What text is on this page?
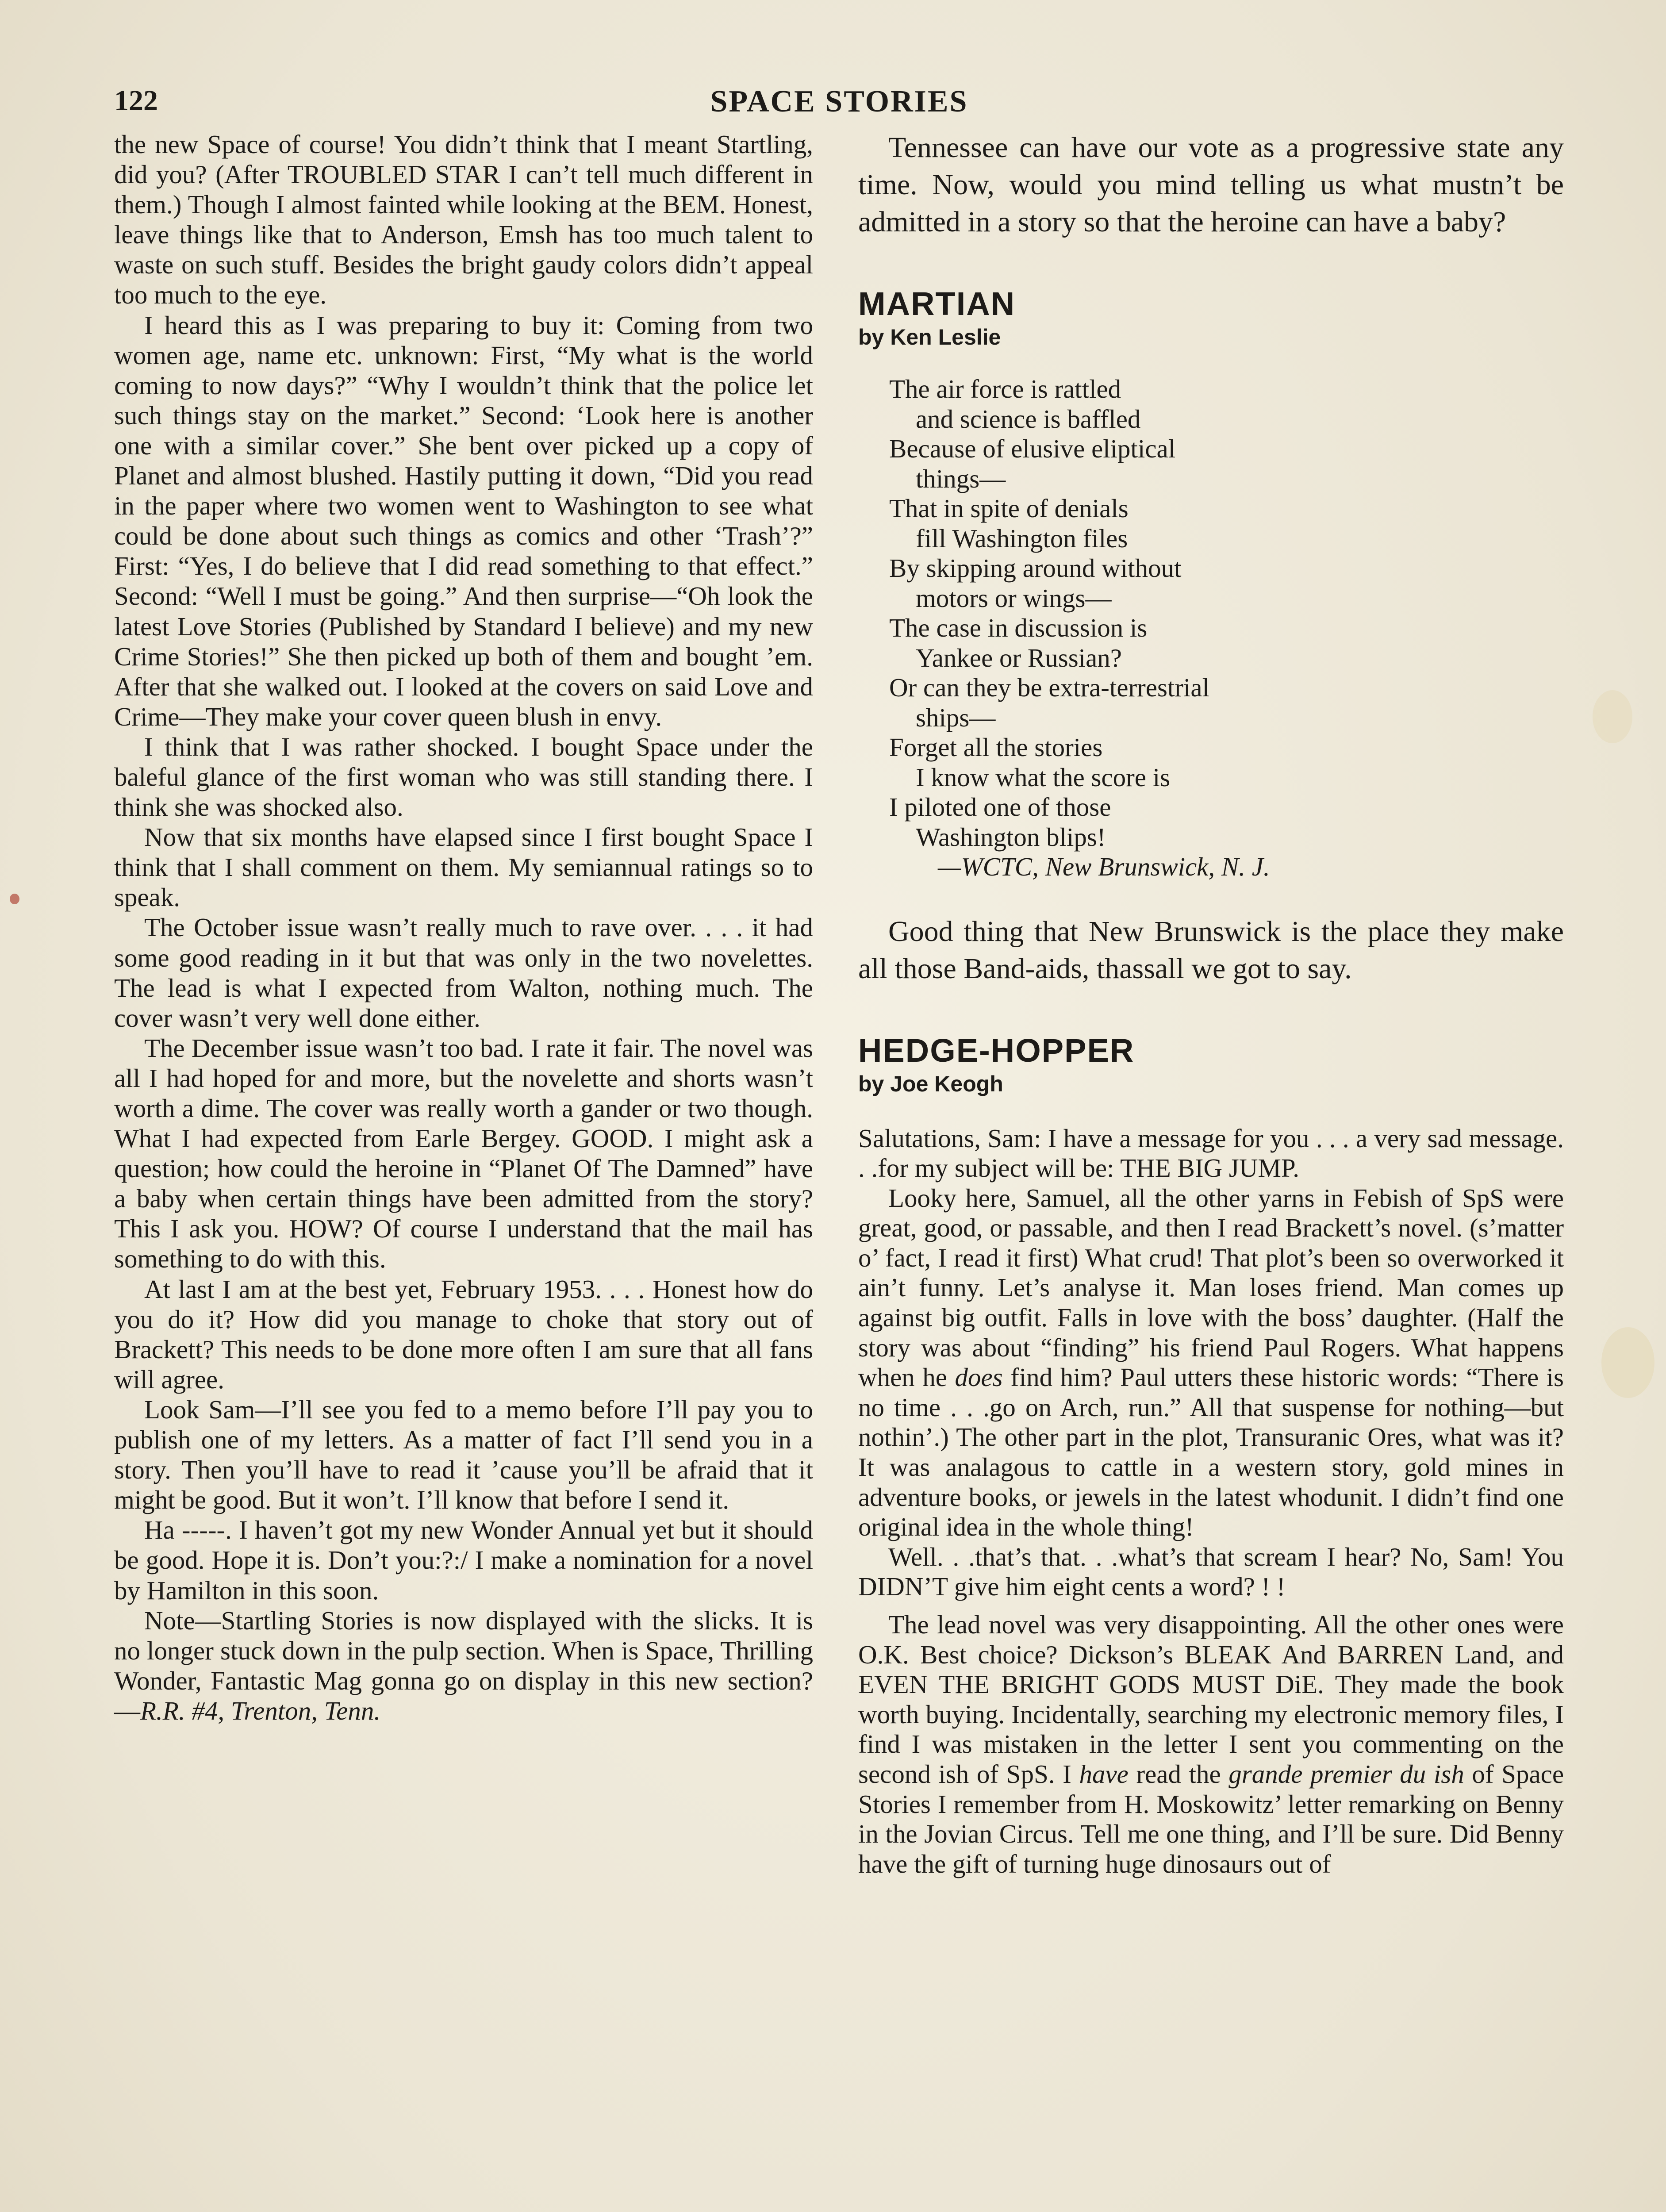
122	SPACE STORIES

the new Space of course! You didn’t think that I meant Startling, did you? (After TROUBLED STAR I can’t tell much different in them.) Though I almost fainted while looking at the BEM. Honest, leave things like that to Anderson, Emsh has too much talent to waste on such stuff. Besides the bright gaudy colors didn’t appeal too much to the eye.

I heard this as I was preparing to buy it: Coming from two women age, name etc. unknown: First, “My what is the world coming to now days?” “Why I wouldn’t think that the police let such things stay on the market.” Second: ‘Look here is another one with a similar cover.” She bent over picked up a copy of Planet and almost blushed. Hastily putting it down, “Did you read in the paper where two women went to Washington to see what could be done about such things as comics and other ‘Trash’?” First: “Yes, I do believe that I did read something to that effect.” Second: “Well I must be going.” And then surprise—“Oh look the latest Love Stories (Published by Standard I believe) and my new Crime Stories!” She then picked up both of them and bought ’em. After that she walked out. I looked at the covers on said Love and Crime—They make your cover queen blush in envy.

I think that I was rather shocked. I bought Space under the baleful glance of the first woman who was still standing there. I think she was shocked also.

Now that six months have elapsed since I first bought Space I think that I shall comment on them. My semiannual ratings so to speak.

The October issue wasn’t really much to rave over. . . . it had some good reading in it but that was only in the two novelettes. The lead is what I expected from Walton, nothing much. The cover wasn’t very well done either.

The December issue wasn’t too bad. I rate it fair. The novel was all I had hoped for and more, but the novelette and shorts wasn’t worth a dime. The cover was really worth a gander or two though. What I had expected from Earle Bergey. GOOD. I might ask a question; how could the heroine in “Planet Of The Damned” have a baby when certain things have been admitted from the story? This I ask you. HOW? Of course I understand that the mail has something to do with this.

At last I am at the best yet, February 1953. . . . Honest how do you do it? How did you manage to choke that story out of Brackett? This needs to be done more often I am sure that all fans will agree.

Look Sam—I’ll see you fed to a memo before I’ll pay you to publish one of my letters. As a matter of fact I’ll send you in a story. Then you’ll have to read it ’cause you’ll be afraid that it might be good. But it won’t. I’ll know that before I send it.

Ha -----. I haven’t got my new Wonder Annual yet but it should be good. Hope it is. Don’t you:?:/ I make a nomination for a novel by Hamilton in this soon.

Note—Startling Stories is now displayed with the slicks. It is no longer stuck down in the pulp section. When is Space, Thrilling Wonder, Fantastic Mag gonna go on display in this new section?—R.R. #4, Trenton, Tenn.

Tennessee can have our vote as a progressive state any time. Now, would you mind telling us what mustn’t be admitted in a story so that the heroine can have a baby?

MARTIAN
by Ken Leslie
The air force is rattled
and science is baffled
Because of elusive eliptical
things—
That in spite of denials
fill Washington files
By skipping around without
motors or wings—
The case in discussion is
Yankee or Russian?
Or can they be extra-terrestrial
ships—
Forget all the stories
I know what the score is
I piloted one of those
Washington blips!
—WCTC, New Brunswick, N. J.

Good thing that New Brunswick is the place they make all those Band-aids, thassall we got to say.

HEDGE-HOPPER
by Joe Keogh

Salutations, Sam: I have a message for you . . . a very sad message. . .for my subject will be: THE BIG JUMP.

Looky here, Samuel, all the other yarns in Febish of SpS were great, good, or passable, and then I read Brackett’s novel. (s’matter o’ fact, I read it first) What crud! That plot’s been so overworked it ain’t funny. Let’s analyse it. Man loses friend. Man comes up against big outfit. Falls in love with the boss’ daughter. (Half the story was about “finding” his friend Paul Rogers. What happens when he does find him? Paul utters these historic words: “There is no time . . .go on Arch, run.” All that suspense for nothing—but nothin’.) The other part in the plot, Transuranic Ores, what was it? It was analagous to cattle in a western story, gold mines in adventure books, or jewels in the latest whodunit. I didn’t find one original idea in the whole thing!

Well. . .that’s that. . .what’s that scream I hear? No, Sam! You DIDN’T give him eight cents a word? ! !

The lead novel was very disappointing. All the other ones were O.K. Best choice? Dickson’s BLEAK And BARREN Land, and EVEN THE BRIGHT GODS MUST DiE. They made the book worth buying. Incidentally, searching my electronic memory files, I find I was mistaken in the letter I sent you commenting on the second ish of SpS. I have read the grande premier du ish of Space Stories I remember from H. Moskowitz’ letter remarking on Benny in the Jovian Circus. Tell me one thing, and I’ll be sure. Did Benny have the gift of turning huge dinosaurs out of
